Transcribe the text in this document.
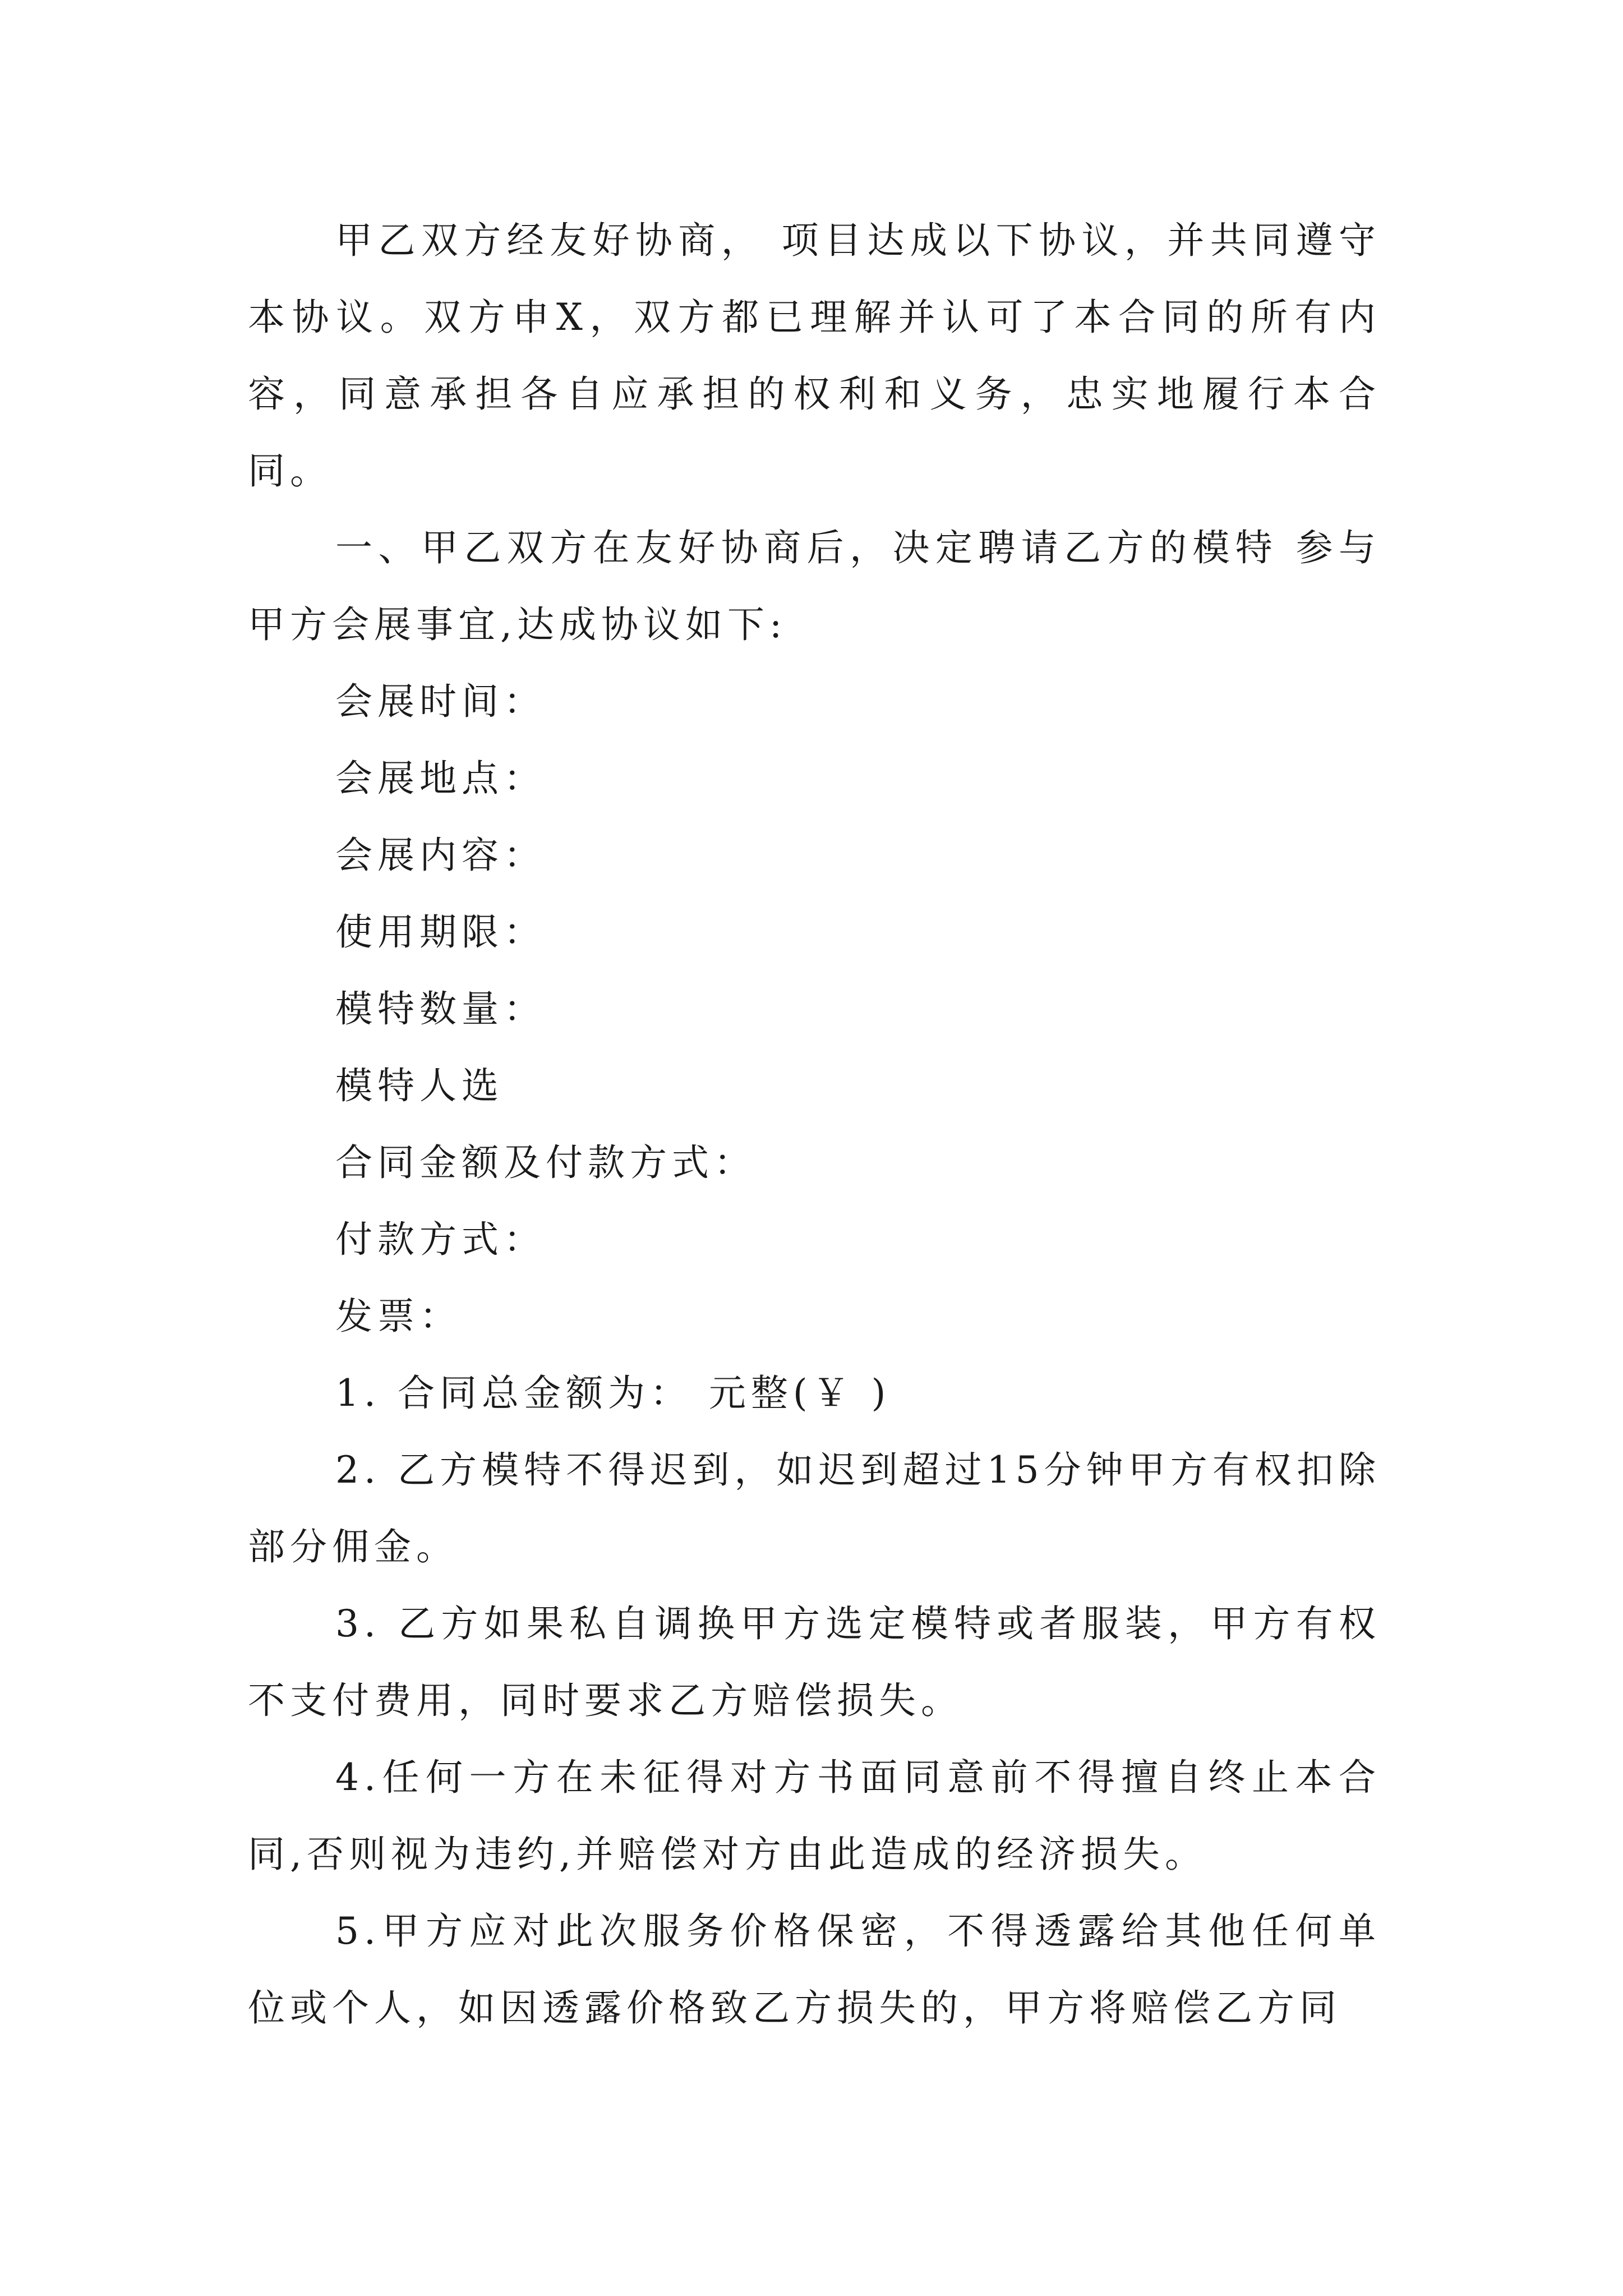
甲乙双方经友好协商， 项目达成以下协议，并共同遵守本协议。双方申X，双方都已理解并认可了本合同的所有内容，同意承担各自应承担的权利和义务，忠实地履行本合同。

一、甲乙双方在友好协商后，决定聘请乙方的模特 参与甲方会展事宜,达成协议如下:

会展时间：

会展地点：

会展内容：

使用期限：

模特数量：

模特人选

合同金额及付款方式：

付款方式：

发票：

1. 合同总金额为： 元整(￥ )

2. 乙方模特不得迟到，如迟到超过15分钟甲方有权扣除部分佣金。

3. 乙方如果私自调换甲方选定模特或者服装，甲方有权不支付费用，同时要求乙方赔偿损失。

4.任何一方在未征得对方书面同意前不得擅自终止本合同,否则视为违约,并赔偿对方由此造成的经济损失。

5.甲方应对此次服务价格保密，不得透露给其他任何单位或个人，如因透露价格致乙方损失的，甲方将赔偿乙方同
